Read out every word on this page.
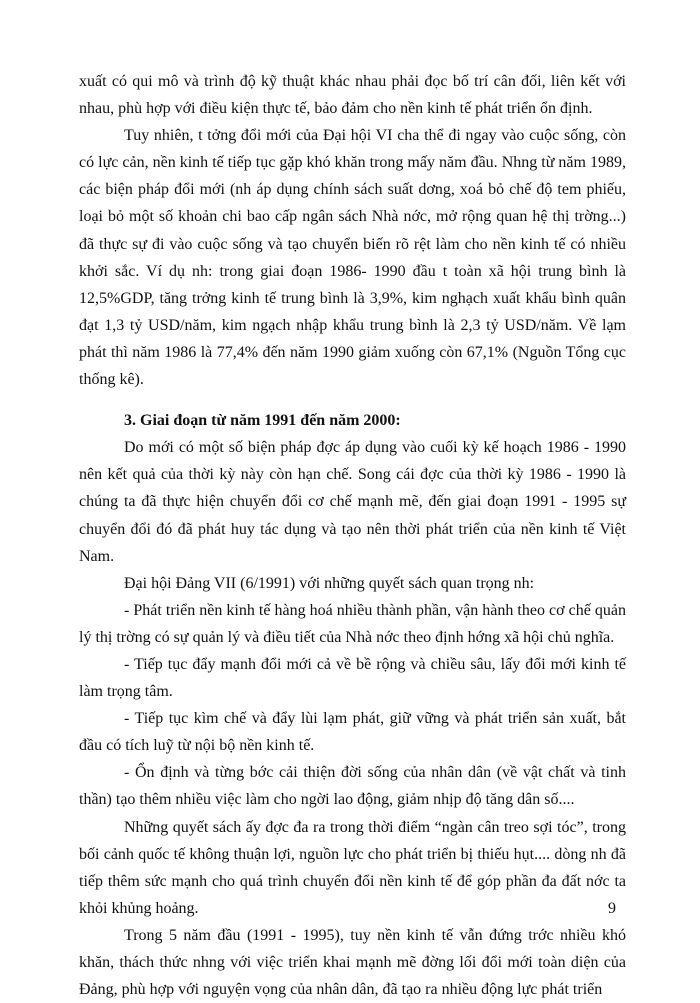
xuất có qui mô và trình độ kỹ thuật khác nhau phải đọc bố trí cân đối, liên kết với nhau, phù hợp với điều kiện thực tế, bảo đảm cho nền kinh tế phát triển ổn định.

Tuy nhiên, t tởng đổi mới của Đại hội VI cha thể đi ngay vào cuộc sống, còn có lực cản, nền kinh tế tiếp tục gặp khó khăn trong mấy năm đầu. Nhng từ năm 1989, các biện pháp đổi mới (nh áp dụng chính sách suất dơng, xoá bỏ chế độ tem phiếu, loại bỏ một số khoản chi bao cấp ngân sách Nhà nớc, mở rộng quan hệ thị trờng...) đã thực sự đi vào cuộc sống và tạo chuyển biến rõ rệt làm cho nền kinh tế có nhiều khởi sắc. Ví dụ nh: trong giai đoạn 1986- 1990 đầu t toàn xã hội trung bình là 12,5%GDP, tăng trởng kinh tế trung bình là 3,9%, kim nghạch xuất khẩu bình quân đạt 1,3 tỷ USD/năm, kim ngạch nhập khẩu trung bình là 2,3 tỷ USD/năm. Về lạm phát thì năm 1986 là 77,4% đến năm 1990 giảm xuống còn 67,1% (Nguồn Tổng cục thống kê).

3. Giai đoạn từ năm 1991 đến năm 2000:

Do mới có một số biện pháp đợc áp dụng vào cuối kỳ kế hoạch 1986 - 1990 nên kết quả của thời kỳ này còn hạn chế. Song cái đợc của thời kỳ 1986 - 1990 là chúng ta đã thực hiện chuyển đổi cơ chế mạnh mẽ, đến giai đoạn 1991 - 1995 sự chuyển đổi đó đã phát huy tác dụng và tạo nên thời phát triển của nền kinh tế Việt Nam.

Đại hội Đảng VII (6/1991) với những quyết sách quan trọng nh:

- Phát triển nền kinh tế hàng hoá nhiều thành phần, vận hành theo cơ chế quản lý thị trờng có sự quản lý và điều tiết của Nhà nớc theo định hớng xã hội chủ nghĩa.

- Tiếp tục đẩy mạnh đổi mới cả về bề rộng và chiều sâu, lấy đổi mới kinh tế làm trọng tâm.

- Tiếp tục kìm chế và đẩy lùi lạm phát, giữ vững và phát triển sản xuất, bắt đầu có tích luỹ từ nội bộ nền kinh tế.

- Ổn định và từng bớc cải thiện đời sống của nhân dân (về vật chất và tinh thần) tạo thêm nhiều việc làm cho ngời lao động, giảm nhịp độ tăng dân số....

Những quyết sách ấy đợc đa ra trong thời điểm “ngàn cân treo sợi tóc”, trong bối cảnh quốc tế không thuận lợi, nguồn lực cho phát triển bị thiếu hụt.... dòng nh đã tiếp thêm sức mạnh cho quá trình chuyển đổi nền kinh tế để góp phần đa đất nớc ta khỏi khủng hoảng.

Trong 5 năm đầu (1991 - 1995), tuy nền kinh tế vẫn đứng trớc nhiều khó khăn, thách thức nhng với việc triển khai mạnh mẽ đờng lối đổi mới toàn diện của Đảng, phù hợp với nguyện vọng của nhân dân, đã tạo ra nhiều động lực phát triển

9
